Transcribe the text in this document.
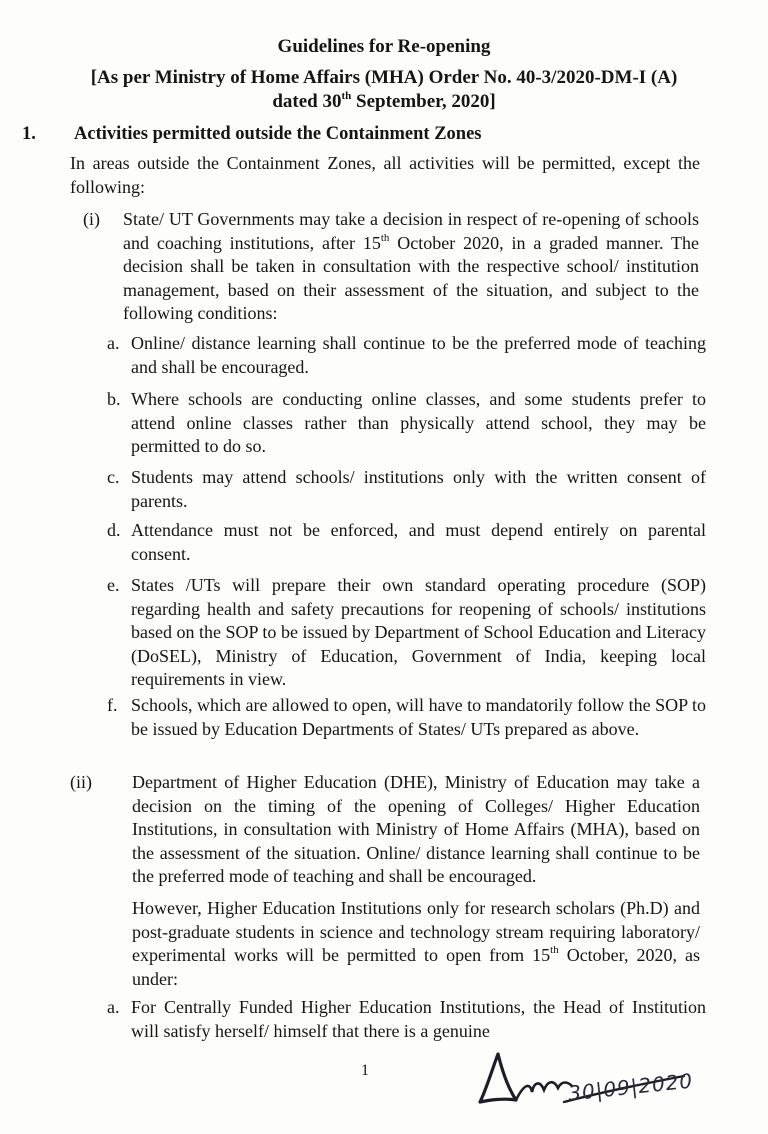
Guidelines for Re-opening
[As per Ministry of Home Affairs (MHA) Order No. 40-3/2020-DM-I (A)
dated 30th September, 2020]
1. Activities permitted outside the Containment Zones
In areas outside the Containment Zones, all activities will be permitted, except the following:
(i) State/ UT Governments may take a decision in respect of re-opening of schools and coaching institutions, after 15th October 2020, in a graded manner. The decision shall be taken in consultation with the respective school/ institution management, based on their assessment of the situation, and subject to the following conditions:
a. Online/ distance learning shall continue to be the preferred mode of teaching and shall be encouraged.
b. Where schools are conducting online classes, and some students prefer to attend online classes rather than physically attend school, they may be permitted to do so.
c. Students may attend schools/ institutions only with the written consent of parents.
d. Attendance must not be enforced, and must depend entirely on parental consent.
e. States /UTs will prepare their own standard operating procedure (SOP) regarding health and safety precautions for reopening of schools/ institutions based on the SOP to be issued by Department of School Education and Literacy (DoSEL), Ministry of Education, Government of India, keeping local requirements in view.
f. Schools, which are allowed to open, will have to mandatorily follow the SOP to be issued by Education Departments of States/ UTs prepared as above.
(ii) Department of Higher Education (DHE), Ministry of Education may take a decision on the timing of the opening of Colleges/ Higher Education Institutions, in consultation with Ministry of Home Affairs (MHA), based on the assessment of the situation. Online/ distance learning shall continue to be the preferred mode of teaching and shall be encouraged.
However, Higher Education Institutions only for research scholars (Ph.D) and post-graduate students in science and technology stream requiring laboratory/ experimental works will be permitted to open from 15th October, 2020, as under:
a. For Centrally Funded Higher Education Institutions, the Head of Institution will satisfy herself/ himself that there is a genuine
1	30|09|2020
